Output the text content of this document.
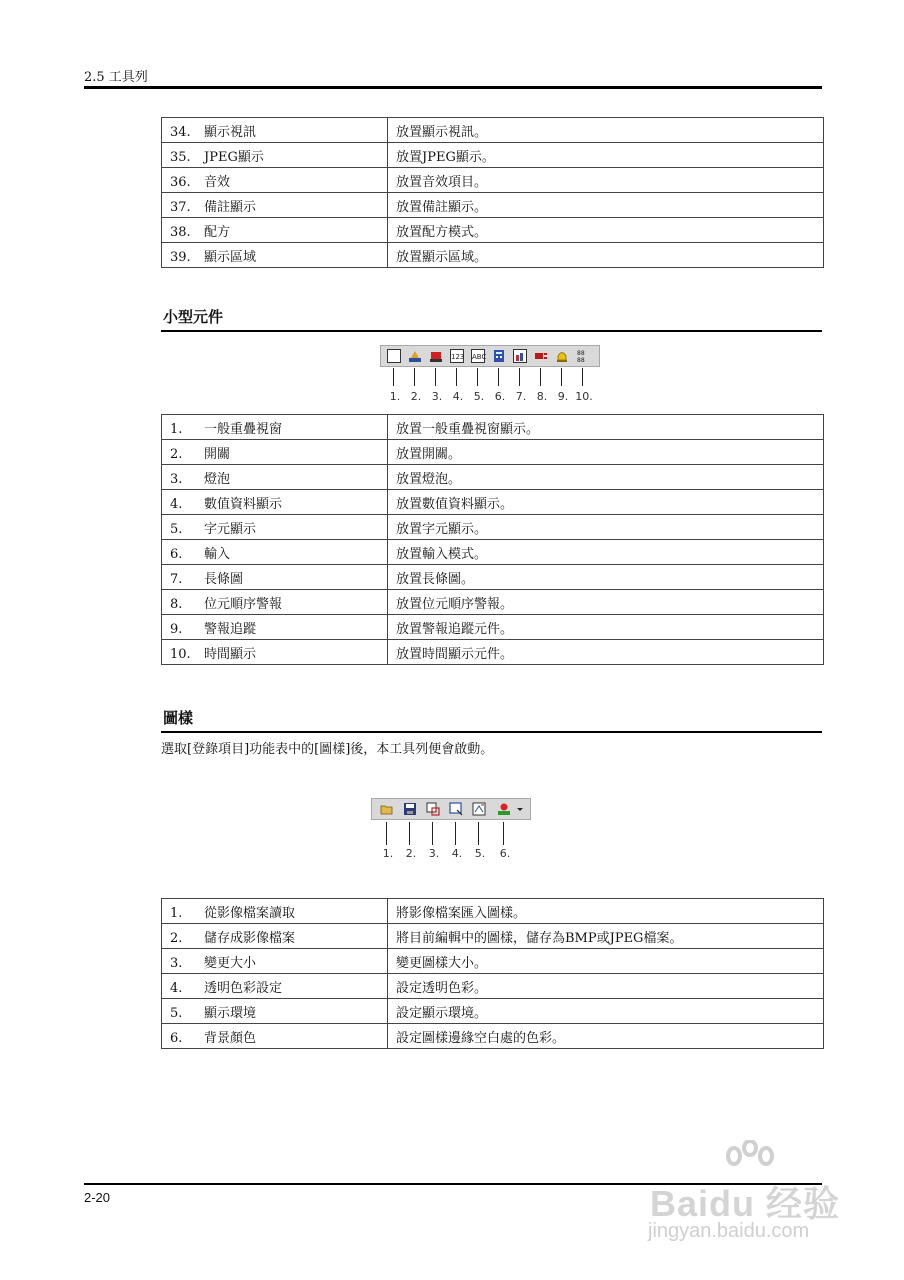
2.5 工具列
34. 顯示視訊	放置顯示視訊。
35. JPEG顯示	放置JPEG顯示。
36. 音效	放置音效項目。
37. 備註顯示	放置備註顯示。
38. 配方	放置配方模式。
39. 顯示區域	放置顯示區域。
小型元件
123 ABC	88
88
1. 2. 3. 4. 5. 6. 7. 8. 9. 10.
1. 一般重疊視窗	放置一般重疊視窗顯示。
2. 開關	放置開關。
3. 燈泡	放置燈泡。
4. 數值資料顯示	放置數值資料顯示。
5. 字元顯示	放置字元顯示。
6. 輸入	放置輸入模式。
7. 長條圖	放置長條圖。
8. 位元順序警報	放置位元順序警報。
9. 警報追蹤	放置警報追蹤元件。
10. 時間顯示	放置時間顯示元件。
圖樣
選取[登錄項目]功能表中的[圖樣]後，本工具列便會啟動。
1. 2. 3. 4. 5. 6.
1. 從影像檔案讀取	將影像檔案匯入圖樣。
2. 儲存成影像檔案	將目前編輯中的圖樣，儲存為BMP或JPEG檔案。
3. 變更大小	變更圖樣大小。
4. 透明色彩設定	設定透明色彩。
5. 顯示環境	設定顯示環境。
6. 背景顏色	設定圖樣邊緣空白處的色彩。
2-20	Baidu 经验
jingyan.baidu.com
